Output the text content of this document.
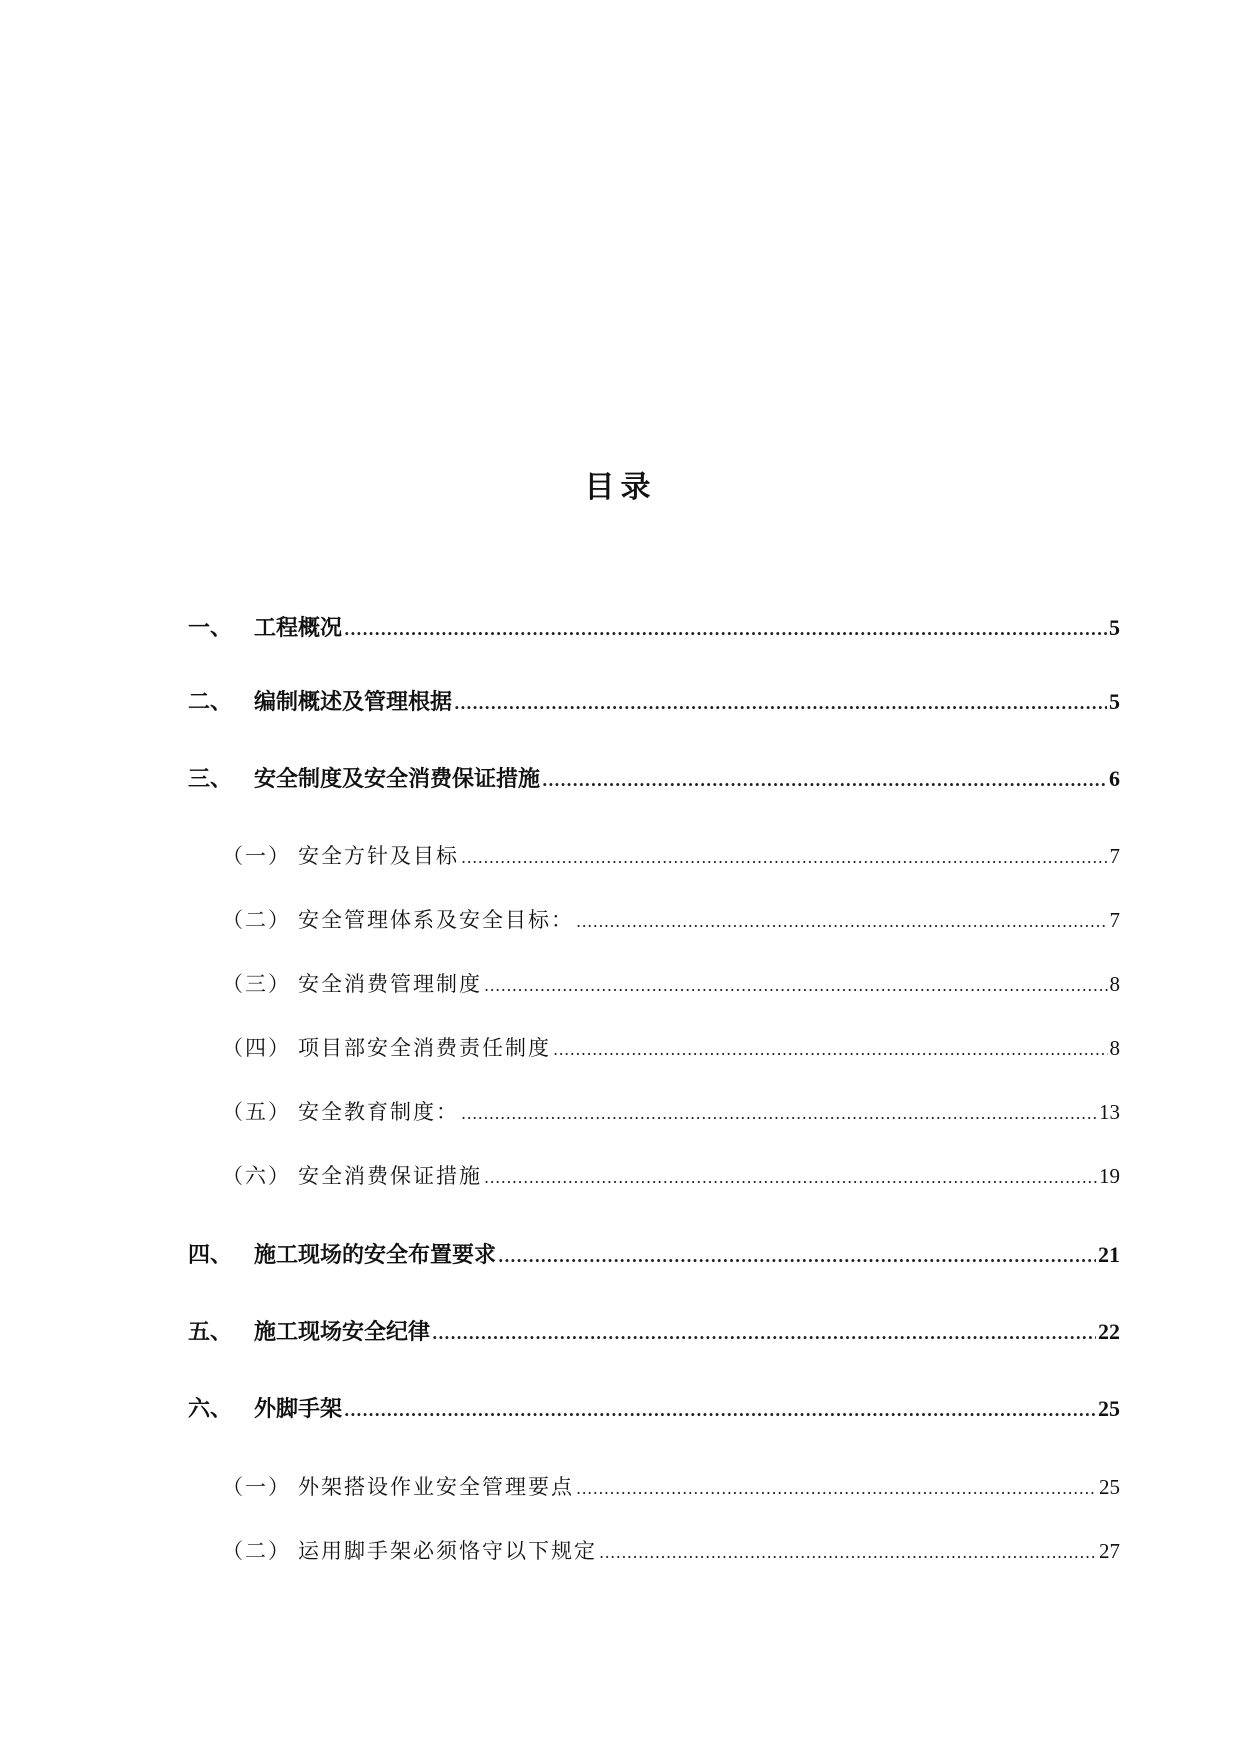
目录
一、 工程概况 .....	5
二、 编制概述及管理根据 .....	5
三、 安全制度及安全消费保证措施 .....	6
（一） 安全方针及目标 .....	7
（二） 安全管理体系及安全目标： .....	7
（三） 安全消费管理制度 .....	8
（四） 项目部安全消费责任制度 .....	8
（五） 安全教育制度： .....	13
（六） 安全消费保证措施 .....	19
四、 施工现场的安全布置要求 .....	21
五、 施工现场安全纪律 .....	22
六、 外脚手架 .....	25
（一） 外架搭设作业安全管理要点 .....	25
（二） 运用脚手架必须恪守以下规定 .....	27
